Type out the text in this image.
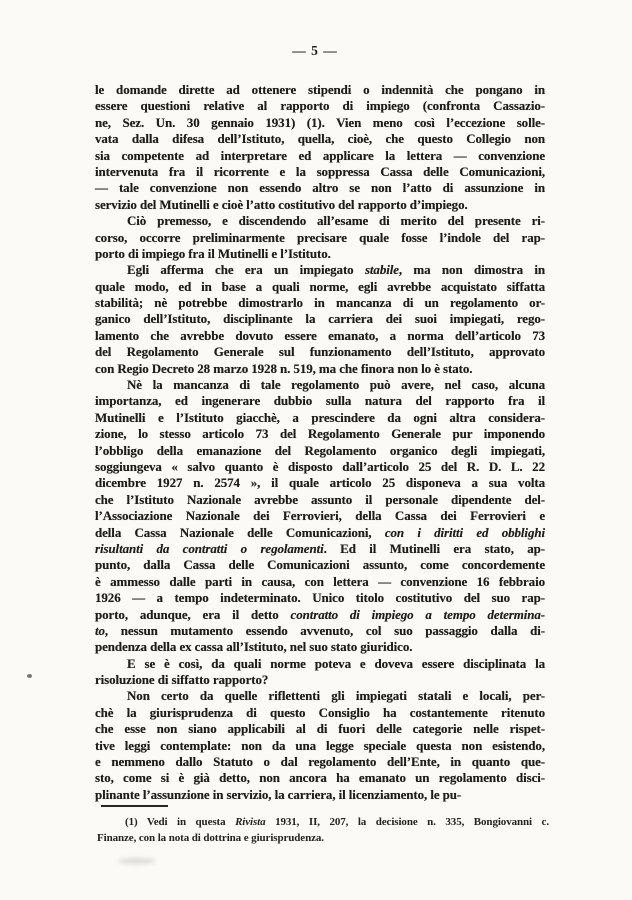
— 5 —
le domande dirette ad ottenere stipendi o indennità che pongano in
essere questioni relative al rapporto di impiego (confronta Cassazio-
ne, Sez. Un. 30 gennaio 1931) (1). Vien meno così l’eccezione solle-
vata dalla difesa dell’Istituto, quella, cioè, che questo Collegio non
sia competente ad interpretare ed applicare la lettera — convenzione
intervenuta fra il ricorrente e la soppressa Cassa delle Comunicazioni,
— tale convenzione non essendo altro se non l’atto di assunzione in
servizio del Mutinelli e cioè l’atto costitutivo del rapporto d’impiego.
Ciò premesso, e discendendo all’esame di merito del presente ri-
corso, occorre preliminarmente precisare quale fosse l’indole del rap-
porto di impiego fra il Mutinelli e l’Istituto.
Egli afferma che era un impiegato stabile, ma non dimostra in
quale modo, ed in base a quali norme, egli avrebbe acquistato siffatta
stabilità; nè potrebbe dimostrarlo in mancanza di un regolamento or-
ganico dell’Istituto, disciplinante la carriera dei suoi impiegati, rego-
lamento che avrebbe dovuto essere emanato, a norma dell’articolo 73
del Regolamento Generale sul funzionamento dell’Istituto, approvato
con Regio Decreto 28 marzo 1928 n. 519, ma che finora non lo è stato.
Nè la mancanza di tale regolamento può avere, nel caso, alcuna
importanza, ed ingenerare dubbio sulla natura del rapporto fra il
Mutinelli e l’Istituto giacchè, a prescindere da ogni altra considera-
zione, lo stesso articolo 73 del Regolamento Generale pur imponendo
l’obbligo della emanazione del Regolamento organico degli impiegati,
soggiungeva « salvo quanto è disposto dall’articolo 25 del R. D. L. 22
dicembre 1927 n. 2574 », il quale articolo 25 disponeva a sua volta
che l’Istituto Nazionale avrebbe assunto il personale dipendente del-
l’Associazione Nazionale dei Ferrovieri, della Cassa dei Ferrovieri e
della Cassa Nazionale delle Comunicazioni, con i diritti ed obblighi
risultanti da contratti o regolamenti. Ed il Mutinelli era stato, ap-
punto, dalla Cassa delle Comunicazioni assunto, come concordemente
è ammesso dalle parti in causa, con lettera — convenzione 16 febbraio
1926 — a tempo indeterminato. Unico titolo costitutivo del suo rap-
porto, adunque, era il detto contratto di impiego a tempo determina-
to, nessun mutamento essendo avvenuto, col suo passaggio dalla di-
pendenza della ex cassa all’Istituto, nel suo stato giuridico.
E se è così, da quali norme poteva e doveva essere disciplinata la
risoluzione di siffatto rapporto?
Non certo da quelle riflettenti gli impiegati statali e locali, per-
chè la giurisprudenza di questo Consiglio ha costantemente ritenuto
che esse non siano applicabili al di fuori delle categorie nelle rispet-
tive leggi contemplate: non da una legge speciale questa non esistendo,
e nemmeno dallo Statuto o dal regolamento dell’Ente, in quanto que-
sto, come si è già detto, non ancora ha emanato un regolamento disci-
plinante l’assunzione in servizio, la carriera, il licenziamento, le pu-
(1) Vedi in questa Rivista 1931, II, 207, la decisione n. 335, Bongiovanni c.
Finanze, con la nota di dottrina e giurisprudenza.
